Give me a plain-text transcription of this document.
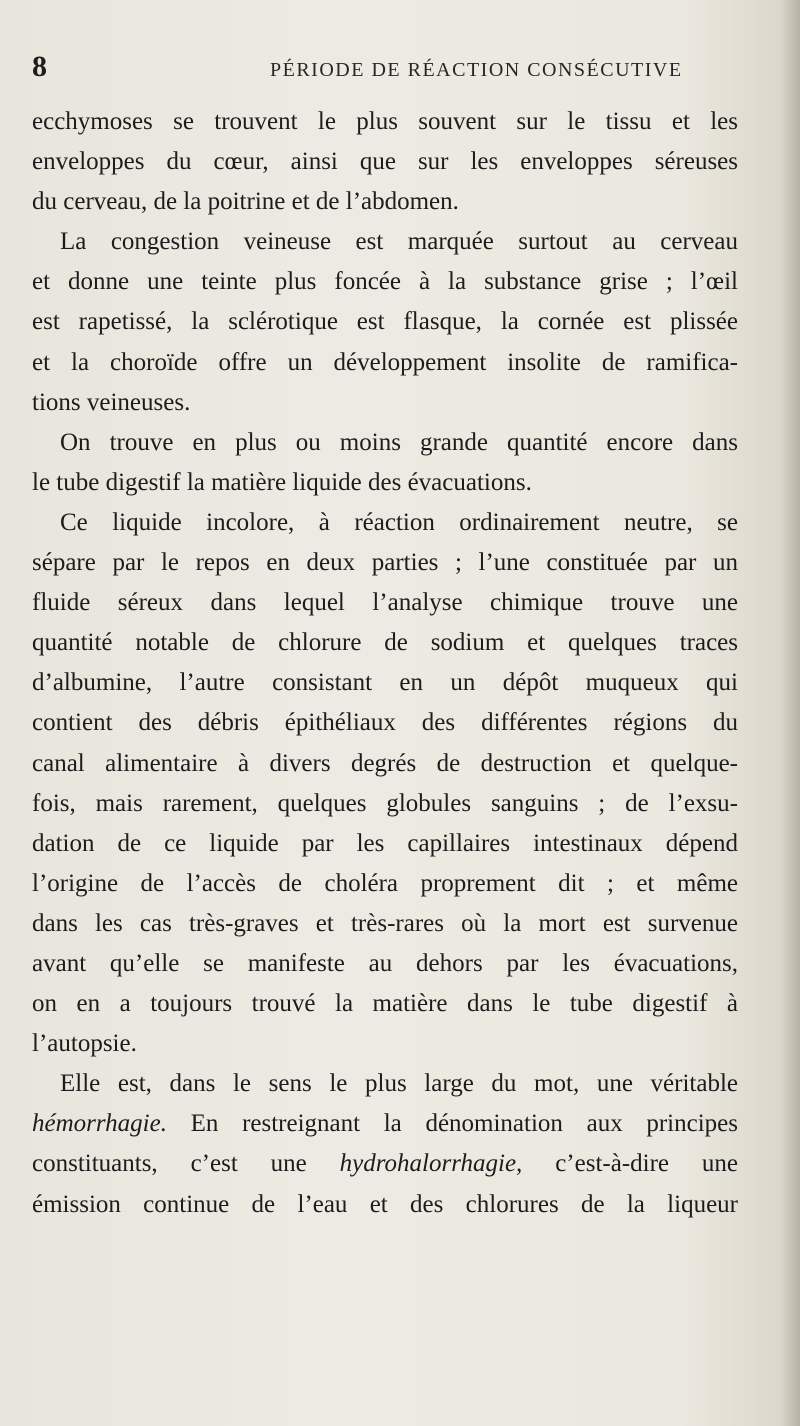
8	PÉRIODE DE RÉACTION CONSÉCUTIVE
ecchymoses se trouvent le plus souvent sur le tissu et les
enveloppes du cœur, ainsi que sur les enveloppes séreuses
du cerveau, de la poitrine et de l’abdomen.
La congestion veineuse est marquée surtout au cerveau
et donne une teinte plus foncée à la substance grise ; l’œil
est rapetissé, la sclérotique est flasque, la cornée est plissée
et la choroïde offre un développement insolite de ramifica-
tions veineuses.
On trouve en plus ou moins grande quantité encore dans
le tube digestif la matière liquide des évacuations.
Ce liquide incolore, à réaction ordinairement neutre, se
sépare par le repos en deux parties ; l’une constituée par un
fluide séreux dans lequel l’analyse chimique trouve une
quantité notable de chlorure de sodium et quelques traces
d’albumine, l’autre consistant en un dépôt muqueux qui
contient des débris épithéliaux des différentes régions du
canal alimentaire à divers degrés de destruction et quelque-
fois, mais rarement, quelques globules sanguins ; de l’exsu-
dation de ce liquide par les capillaires intestinaux dépend
l’origine de l’accès de choléra proprement dit ; et même
dans les cas très-graves et très-rares où la mort est survenue
avant qu’elle se manifeste au dehors par les évacuations,
on en a toujours trouvé la matière dans le tube digestif à
l’autopsie.
Elle est, dans le sens le plus large du mot, une véritable
hémorrhagie. En restreignant la dénomination aux principes
constituants, c’est une hydrohalorrhagie, c’est-à-dire une
émission continue de l’eau et des chlorures de la liqueur
